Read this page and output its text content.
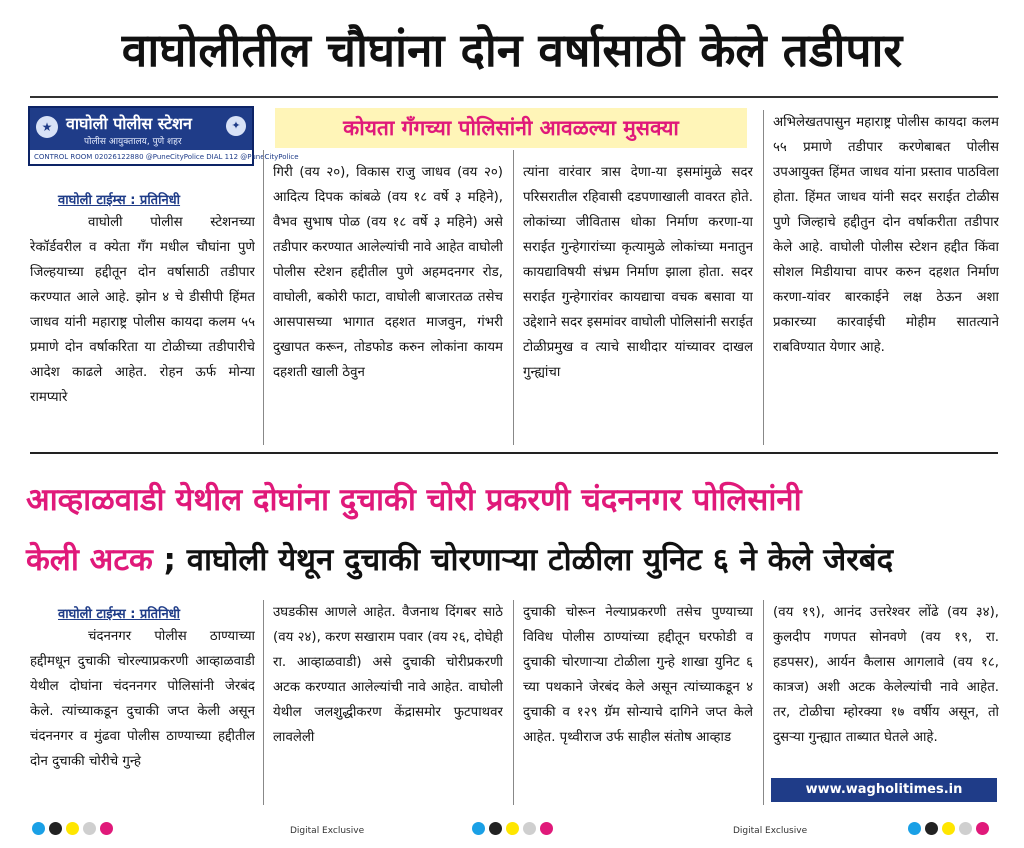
वाघोलीतील चौघांना दोन वर्षासाठी केले तडीपार
★ वाघोली पोलीस स्टेशन
पोलीस आयुक्तालय, पुणे शहर
✦
CONTROL ROOM 02026122880 @PuneCityPolice DIAL 112 @PuneCityPolice
कोयता गँगच्या पोलिसांनी आवळल्या मुसक्या
वाघोली टाईम्स : प्रतिनिधी
वाघोली पोलीस स्टेशनच्या रेकॉर्डवरील व क्‍येता गँग मधील चौघांना पुणे जिल्हयाच्या हद्दीतून दोन वर्षासाठी तडीपार करण्यात आले आहे. झोन ४ चे डीसीपी हिंमत जाधव यांनी महाराष्ट्र पोलीस कायदा कलम ५५ प्रमाणे दोन वर्षाकरिता या टोळीच्या तडीपारीचे आदेश काढले आहेत. रोहन ऊर्फ मोन्या रामप्यारे
गिरी (वय २०), विकास राजु जाधव (वय २०) आदित्य दिपक कांबळे (वय १८ वर्षे ३ महिने), वैभव सुभाष पोळ (वय १८ वर्षे ३ महिने) असे तडीपार करण्यात आलेल्यांची नावे आहेत वाघोली पोलीस स्टेशन हद्दीतील पुणे अहमदनगर रोड, वाघोली, बकोरी फाटा, वाघोली बाजारतळ तसेच आसपासच्या भागात दहशत माजवुन, गंभरी दुखापत करून, तोडफोड करुन लोकांना कायम दहशती खाली ठेवुन
त्यांना वारंवार त्रास देणा-या इसमांमुळे सदर परिसरातील रहिवासी दडपणाखाली वावरत होते. लोकांच्या जीवितास धोका निर्माण करणा-या सराईत गुन्हेगारांच्या कृत्यामुळे लोकांच्या मनातुन कायद्याविषयी संभ्रम निर्माण झाला होता. सदर सराईत गुन्हेगारांवर कायद्याचा वचक बसावा या उद्देशाने सदर इसमांवर वाघोली पोलिसांनी सराईत टोळीप्रमुख व त्याचे साथीदार यांच्यावर दाखल गुन्ह्यांचा
अभिलेखतपासुन महाराष्ट्र पोलीस कायदा कलम ५५ प्रमाणे तडीपार करणेबाबत पोलीस उपआयुक्त हिंमत जाधव यांना प्रस्ताव पाठविला होता. हिंमत जाधव यांनी सदर सराईत टोळीस पुणे जिल्हाचे हद्दीतुन दोन वर्षाकरीता तडीपार केले आहे. वाघोली पोलीस स्टेशन हद्दीत किंवा सोशल मिडीयाचा वापर करुन दहशत निर्माण करणा-यांवर बारकाईने लक्ष ठेऊन अशा प्रकारच्या कारवाईची मोहीम सातत्याने राबविण्यात येणार आहे.
आव्हाळवाडी येथील दोघांना दुचाकी चोरी प्रकरणी चंदननगर पोलिसांनी
केली अटक ; वाघोली येथून दुचाकी चोरणाऱ्या टोळीला युनिट ६ ने केले जेरबंद
वाघोली टाईम्स : प्रतिनिधी
चंदननगर पोलीस ठाण्याच्या हद्दीमधून दुचाकी चोरल्याप्रकरणी आव्हाळवाडी येथील दोघांना चंदननगर पोलिसांनी जेरबंद केले. त्यांच्याकडून दुचाकी जप्त केली असून चंदननगर व मुंढवा पोलीस ठाण्याच्या हद्दीतील दोन दुचाकी चोरीचे गुन्हे
उघडकीस आणले आहेत. वैजनाथ दिंगबर साठे (वय २४), करण सखाराम पवार (वय २६, दोघेही रा. आव्हाळवाडी) असे दुचाकी चोरीप्रकरणी अटक करण्यात आलेल्यांची नावे आहेत. वाघोली येथील जलशुद्धीकरण केंद्रासमोर फुटपाथवर लावलेली
दुचाकी चोरून नेल्याप्रकरणी तसेच पुण्याच्या विविध पोलीस ठाण्यांच्या हद्दीतून घरफोडी व दुचाकी चोरणाऱ्या टोळीला गुन्हे शाखा युनिट ६ च्या पथकाने जेरबंद केले असून त्यांच्याकडून ४ दुचाकी व १२९ ग्रॅम सोन्याचे दागिने जप्त केले आहेत. पृथ्वीराज उर्फ साहील संतोष आव्हाड
(वय १९), आनंद उत्तरेश्वर लोंढे (वय ३४), कुलदीप गणपत सोनवणे (वय १९, रा. हडपसर), आर्यन कैलास आगलावे (वय १८, कात्रज) अशी अटक केलेल्यांची नावे आहेत. तर, टोळीचा म्होरक्या १७ वर्षीय असून, तो दुसऱ्या गुन्ह्यात ताब्यात घेतले आहे.
www.wagholitimes.in
Digital Exclusive	Digital Exclusive
